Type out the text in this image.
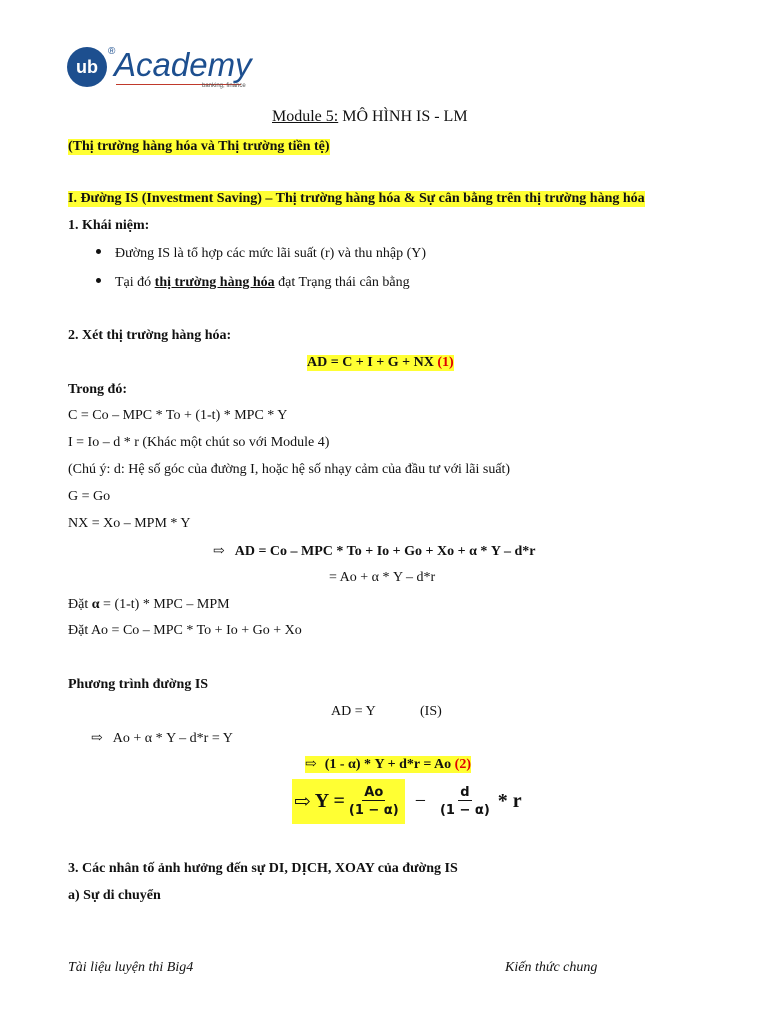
ub
®
Academy
banking, finance
Module 5: MÔ HÌNH IS - LM
(Thị trường hàng hóa và Thị trường tiền tệ)
I. Đường IS (Investment Saving) – Thị trường hàng hóa & Sự cân bằng trên thị trường hàng hóa
1. Khái niệm:
Đường IS là tổ hợp các mức lãi suất (r) và thu nhập (Y)
Tại đó thị trường hàng hóa đạt Trạng thái cân bằng
2. Xét thị trường hàng hóa:
AD = C + I + G + NX (1)
Trong đó:
C = Co – MPC * To + (1-t) * MPC * Y
I = Io – d * r (Khác một chút so với Module 4)
(Chú ý: d: Hệ số góc của đường I, hoặc hệ số nhạy cảm của đầu tư với lãi suất)
G = Go
NX = Xo – MPM * Y
⇨ AD = Co – MPC * To + Io + Go + Xo + α * Y – d*r
= Ao + α * Y – d*r
Đặt α = (1-t) * MPC – MPM
Đặt Ao = Co – MPC * To + Io + Go + Xo
Phương trình đường IS
AD = Y	(IS)
⇨ Ao + α * Y – d*r = Y
⇨ (1 - α) * Y + d*r = Ao (2)
⇨ $Y = \frac{Ao}{(1 - \alpha)} - \frac{d}{(1 - \alpha)} * r$
3. Các nhân tố ảnh hưởng đến sự DI, DỊCH, XOAY của đường IS
a) Sự di chuyển
Tài liệu luyện thi Big4	Kiến thức chung
